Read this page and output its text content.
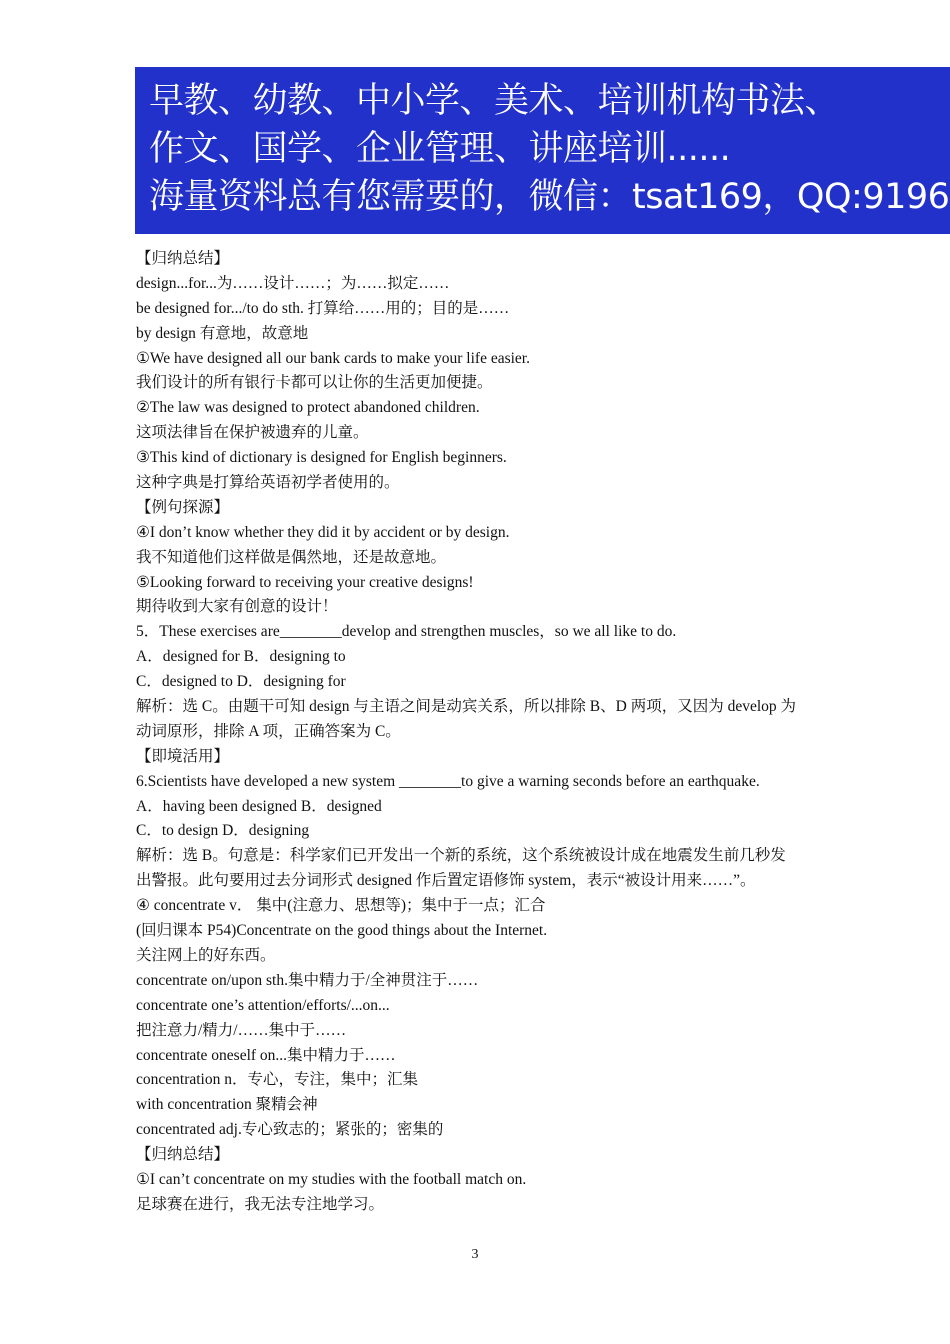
早教、幼教、中小学、美术、培训机构书法、
作文、国学、企业管理、讲座培训......
海量资料总有您需要的，微信：tsat169，QQ:9196
【归纳总结】
design...for...为……设计……；为……拟定……
be designed for.../to do sth. 打算给……用的；目的是……
by design 有意地，故意地
①We have designed all our bank cards to make your life easier.
我们设计的所有银行卡都可以让你的生活更加便捷。
②The law was designed to protect abandoned children.
这项法律旨在保护被遗弃的儿童。
③This kind of dictionary is designed for English beginners.
这种字典是打算给英语初学者使用的。
【例句探源】
④I don’t know whether they did it by accident or by design.
我不知道他们这样做是偶然地，还是故意地。
⑤Looking forward to receiving your creative designs!
期待收到大家有创意的设计！
5．These exercises are________develop and strengthen muscles，so we all like to do.
A．designed for B．designing to
C．designed to D．designing for
解析：选 C。由题干可知 design 与主语之间是动宾关系，所以排除 B、D 两项，又因为 develop 为
动词原形，排除 A 项，正确答案为 C。
【即境活用】
6.Scientists have developed a new system ________to give a warning seconds before an earthquake.
A．having been designed B．designed
C．to design D．designing
解析：选 B。句意是：科学家们已开发出一个新的系统，这个系统被设计成在地震发生前几秒发
出警报。此句要用过去分词形式 designed 作后置定语修饰 system，表示“被设计用来……”。
④ concentrate v． 集中(注意力、思想等)；集中于一点；汇合
(回归课本 P54)Concentrate on the good things about the Internet.
关注网上的好东西。
concentrate on/upon sth.集中精力于/全神贯注于……
concentrate one’s attention/efforts/...on...
把注意力/精力/……集中于……
concentrate oneself on...集中精力于……
concentration n．专心，专注，集中；汇集
with concentration 聚精会神
concentrated adj.专心致志的；紧张的；密集的
【归纳总结】
①I can’t concentrate on my studies with the football match on.
足球赛在进行，我无法专注地学习。
3
